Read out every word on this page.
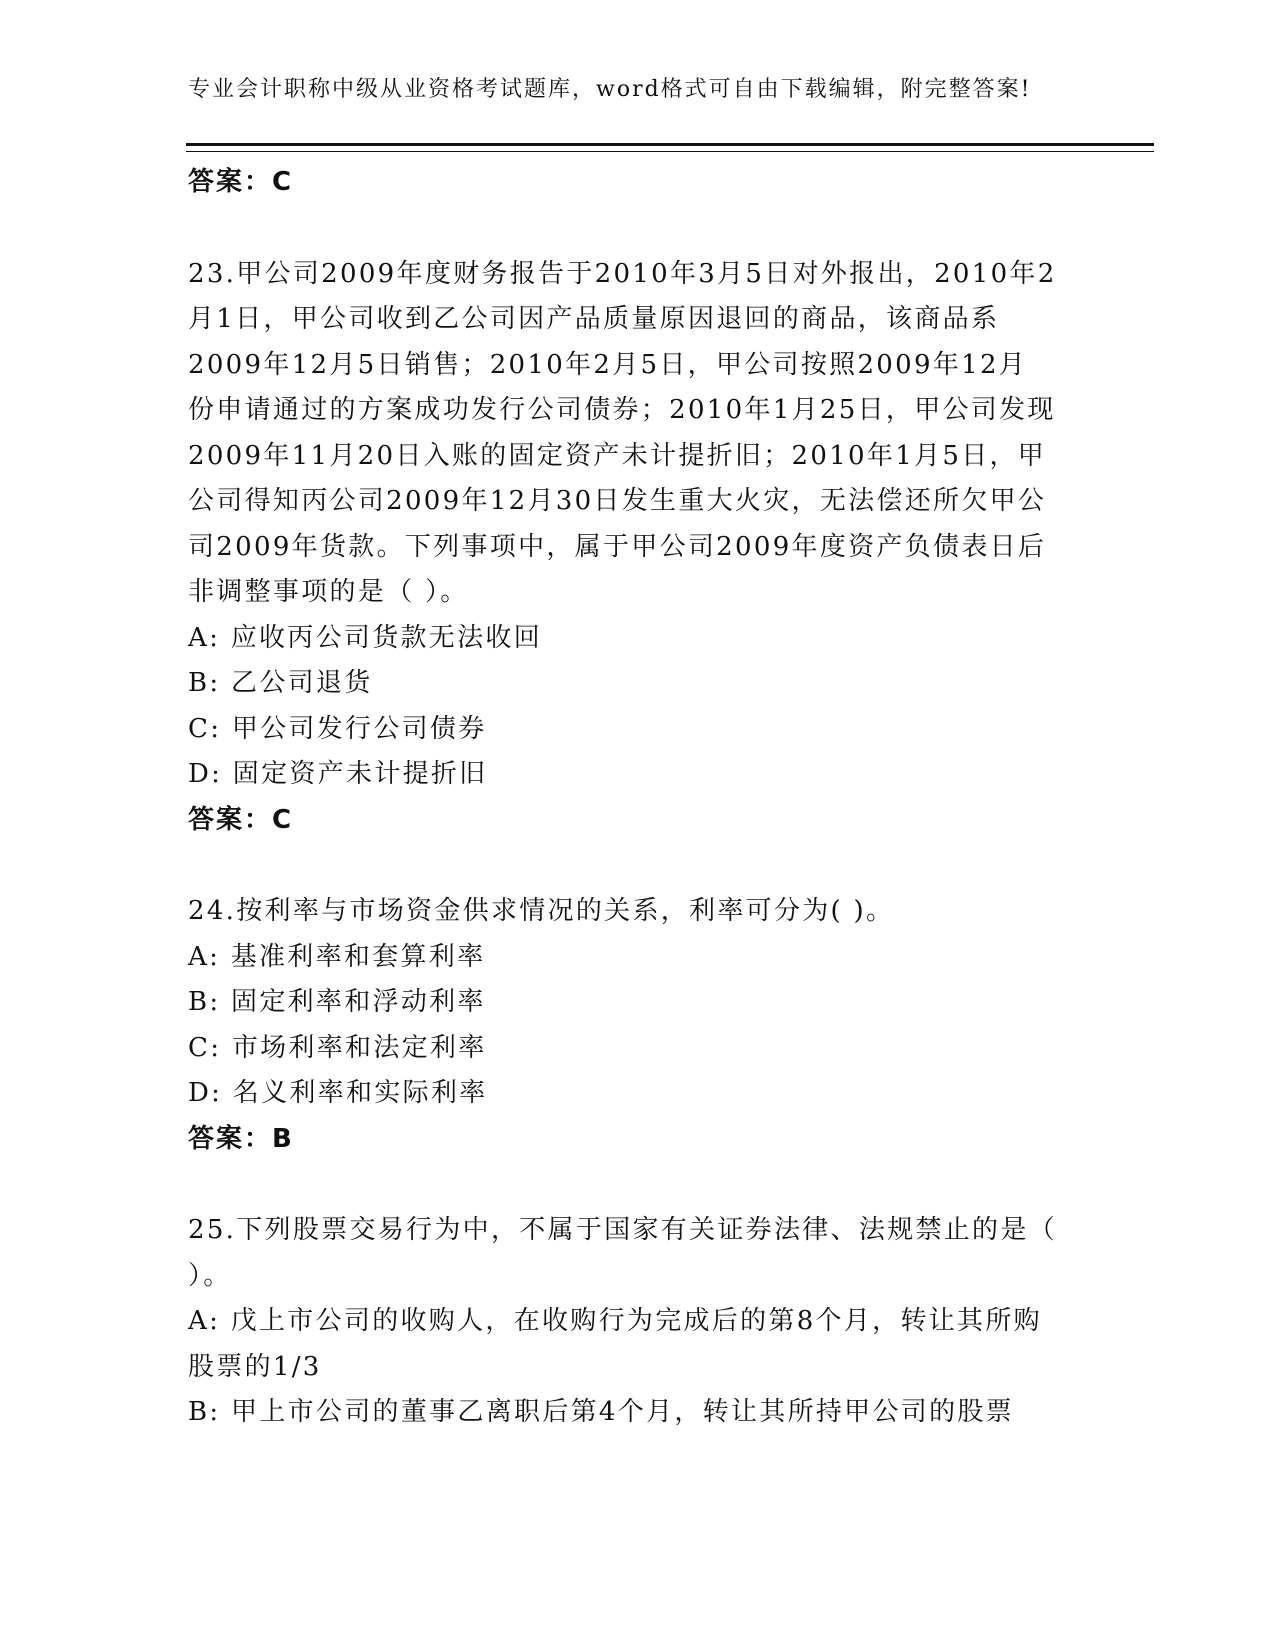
专业会计职称中级从业资格考试题库，word格式可自由下载编辑，附完整答案!

答案：C

23.甲公司2009年度财务报告于2010年3月5日对外报出，2010年2

月1日，甲公司收到乙公司因产品质量原因退回的商品，该商品系

2009年12月5日销售；2010年2月5日，甲公司按照2009年12月

份申请通过的方案成功发行公司债券；2010年1月25日，甲公司发现

2009年11月20日入账的固定资产未计提折旧；2010年1月5日，甲

公司得知丙公司2009年12月30日发生重大火灾，无法偿还所欠甲公

司2009年货款。下列事项中，属于甲公司2009年度资产负债表日后

非调整事项的是（ ）。

A: 应收丙公司货款无法收回

B: 乙公司退货

C: 甲公司发行公司债券

D: 固定资产未计提折旧

答案：C

24.按利率与市场资金供求情况的关系，利率可分为( )。

A: 基准利率和套算利率

B: 固定利率和浮动利率

C: 市场利率和法定利率

D: 名义利率和实际利率

答案：B

25.下列股票交易行为中，不属于国家有关证券法律、法规禁止的是（

）。

A: 戊上市公司的收购人，在收购行为完成后的第8个月，转让其所购

股票的1/3

B: 甲上市公司的董事乙离职后第4个月，转让其所持甲公司的股票
